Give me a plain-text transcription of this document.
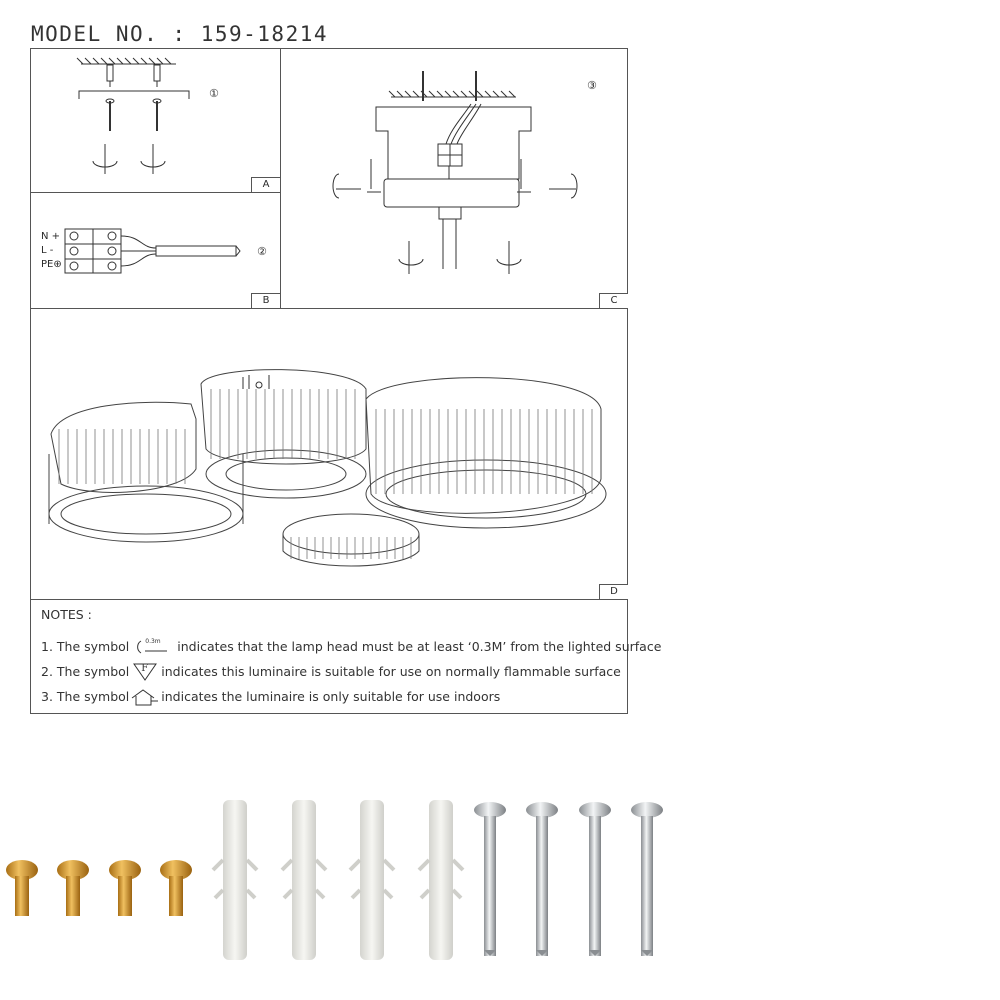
MODEL NO. : 159-18214
①
A
N +
L -
PE⊕
②
B
③
C
D
NOTES :
1. The symbol	0.3m indicates that the lamp head must be at least ‘0.3M’ from the lighted surface
2. The symbol F indicates this luminaire is suitable for use on normally flammable surface
3. The symbol	indicates the luminaire is only suitable for use indoors
